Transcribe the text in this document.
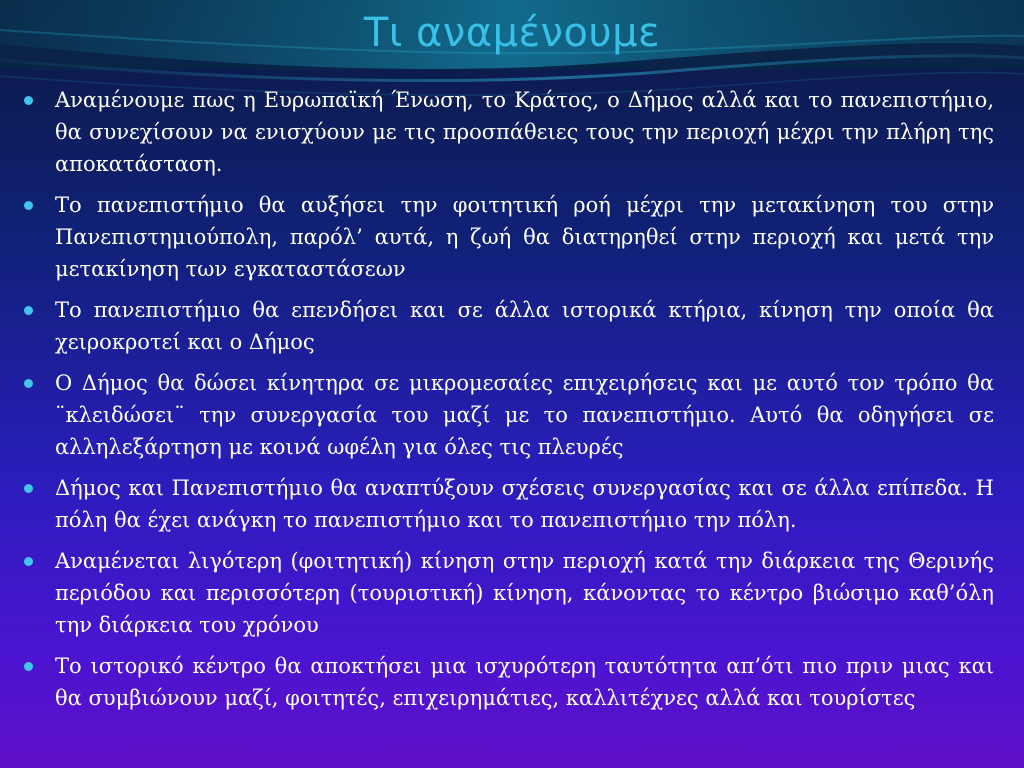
Τι αναμένουμε
Αναμένουμε πως η Ευρωπαϊκή Ένωση, το Κράτος, ο Δήμος αλλά και το πανεπιστήμιο, θα συνεχίσουν να ενισχύουν με τις προσπάθειες τους την περιοχή μέχρι την πλήρη της αποκατάσταση.
Το πανεπιστήμιο θα αυξήσει την φοιτητική ροή μέχρι την μετακίνηση του στην Πανεπιστημιούπολη, παρόλ’ αυτά, η ζωή θα διατηρηθεί στην περιοχή και μετά την μετακίνηση των εγκαταστάσεων
Το πανεπιστήμιο θα επενδήσει και σε άλλα ιστορικά κτήρια, κίνηση την οποία θα χειροκροτεί και ο Δήμος
Ο Δήμος θα δώσει κίνητηρα σε μικρομεσαίες επιχειρήσεις και με αυτό τον τρόπο θα ¨κλειδώσει¨ την συνεργασία του μαζί με το πανεπιστήμιο. Αυτό θα οδηγήσει σε αλληλεξάρτηση με κοινά ωφέλη για όλες τις πλευρές
Δήμος και Πανεπιστήμιο θα αναπτύξουν σχέσεις συνεργασίας και σε άλλα επίπεδα. Η πόλη θα έχει ανάγκη το πανεπιστήμιο και το πανεπιστήμιο την πόλη.
Αναμένεται λιγότερη (φοιτητική) κίνηση στην περιοχή κατά την διάρκεια της Θερινής περιόδου και περισσότερη (τουριστική) κίνηση, κάνοντας το κέντρο βιώσιμο καθ’όλη την διάρκεια του χρόνου
Το ιστορικό κέντρο θα αποκτήσει μια ισχυρότερη ταυτότητα απ’ότι πιο πριν μιας και θα συμβιώνουν μαζί, φοιτητές, επιχειρημάτιες, καλλιτέχνες αλλά και τουρίστες
